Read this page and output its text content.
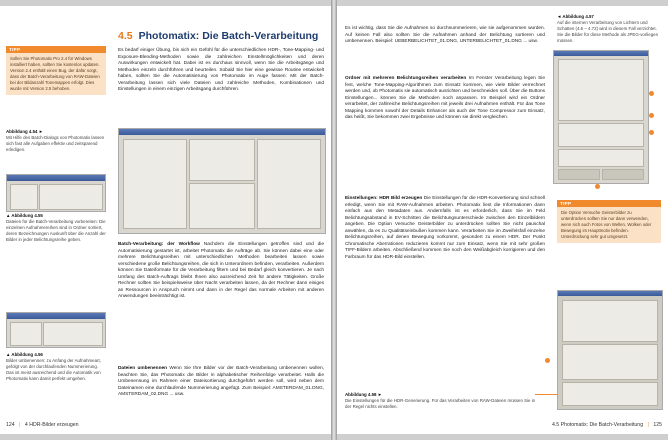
TIPP
Sollen Sie Photomatix Pro 2.4 für Windows installiert haben, sollten Sie kostenlos updaten. Version 2.4 enthält einen Bug, der dafür sorgt, dass der Batch-Verarbeitung von RAW-Dateien bei der Bildanzahl Tonemappen erfolgt. Dies wurde mit Version 2.5 behoben.
Abbildung 4.54 ►
Mit Hilfe des Batch-Dialogs von Photomatix lassen sich fast alle Aufgaben effektiv und zeitsparend erledigen.
▲ Abbildung 4.55
Dateien für die Batch-Verarbeitung vorbereiten: Die einzelnen Aufnahmereihen sind in Ordner sortiert, deren Bezeichnungen Auskunft über die Anzahl der Bilder in jeder Belichtungsreihe geben.
▲ Abbildung 4.56
Bilder umbenennen: zu Anfang der Aufnahmeart, gefolgt von der durchlaufenden Nummerierung. Das ist meist ausreichend und die Automatik von Photomatix kann damit perfekt umgehen.
4.5 Photomatix: Die Batch-Verarbeitung

Es bedarf einiger Übung, bis sich ein Gefühl für die unterschiedlichen HDR-, Tone-Mapping- und Exposure-Blending-Methoden sowie die zahlreichen Einstellmöglichkeiten und deren Auswirkungen entwickelt hat. Dabei ist es durchaus sinnvoll, wenn Sie die Arbeitsgänge und Methoden einzeln durchführen und beurteilen. Sobald Sie hier eine gewisse Routine entwickelt haben, sollten Sie die Automatisierung von Photomatix im Auge fassen: Mit der Batch-Verarbeitung lassen sich viele Dateien und zahlreiche Methoden, Kombinationen und Einstellungen in einem einzigen Arbeitsgang durchführen.

Batch-Verarbeitung: der Workflow Nachdem die Einstellungen getroffen sind und die Automatisierung gestartet ist, arbeitet Photomatix die Aufträge ab. Sie können dabei eine oder mehrere Belichtungsreihen mit unterschiedlichen Methoden bearbeiten lassen sowie verschiedene große Belichtungsreihen, die sich in Unterordnern befinden, verarbeiten. Außerdem können Sie Dateiformate für die Verarbeitung filtern und bei Bedarf gleich konvertieren. Je nach Umfang des Batch-Auftrags bleibt Ihnen also ausreichend Zeit für andere Tätigkeiten. Große Rechner sollten Sie beispielsweise über Nacht verarbeiten lassen, da der Rechner dann einiges an Ressourcen in Anspruch nimmt und dann in der Regel das normale Arbeiten mit anderen Anwendungen beeinträchtigt ist.

Dateien umbenennen Wenn Sie Ihre Bilder vor der Batch-Verarbeitung umbenennen wollen, beachten Sie, das Photomatix die Bilder in alphabetischer Reihenfolge verarbeitet. Halls die Umbenennung im Rahmen einer Dateisortierung durchgeführt werden soll, wird neben dem Dateinamen eine durchlaufende Nummerierung angefügt. Zum Beispiel: AMSTERDAM_01.DNG, AMSTERDAM_02.DNG ... usw.

124 | 4 HDR-Bilder erzeugen

Es ist wichtig, dass Sie die Aufnahmen so durchnummerieren, wie sie aufgenommen wurden. Auf keinen Fall also sollten Sie die Aufnahmen anhand der Belichtung sortieren und umbenennen. Beispiel: UEBERBELICHTET_01.DNG, UNTERBELICHTET_01.DNG ... usw.

Ordner mit mehreren Belichtungsreihen verarbeiten Im Fenster Verarbeitung legen Sie fest, welche Tone-Mapping-Algorithmen zum Einsatz kommen, wie viele Bilder verrechnet werden und, ob Photomatix sie automatisch ausrichten und beschneiden soll. Über die Buttons Einstellungen... können Sie die Methoden noch anpassen. Im Beispiel wird ein Ordner verarbeitet, der zahlreiche Belichtungsreihen mit jeweils drei Aufnahmen enthält. Für das Tone Mapping kommen sowohl der Details Enhancer als auch der Tone Compressor zum Einsatz, das heißt, Sie bekommen zwei Ergebnisse und können sie direkt vergleichen.

◄ Abbildung 4.57
Auf die internen Verarbeitung von Lichtern und Schatten (4.6 – 4.72) wird in diesem Fall verzichtet. Sie die Bilder für diese Methode als JPEG-vorliegen müssen.

Einstellungen: HDR Bild erzeugen Die Einstellungen für die HDR-Konvertierung sind schnell erledigt, wenn Sie mit RAW-Aufnahmen arbeiten. Photomatix liest die Informationen dann einfach aus den Metadaten aus. Andernfalls ist es erforderlich, dass Sie im Feld Belichtungsabstand in EV-Schritten die Belichtungsunterschiede zwischen den Einzelbildern angeben. Die Option Versuche Geisterbilder zu unterdrücken sollten Sie nicht pauschal anwählen, da es zu Qualitätseinbußen kommen kann. Verarbeiten Sie im Zweifelsfall einzelne Belichtungsreihen, auf denen Bewegung vorkommt, gesondert zu einem HDR. Der Punkt Chromatische Aberrationen reduzieren kommt nur zum Einsatz, wenn Sie mit sehr großen TIFF-Bildern arbeiten. Abschließend kommen Sie noch den Weißabgleich korrigieren und den Farbraum für das HDR-Bild einstellen.

TIPP
Die Option Versuche Geisterbilder zu unterdrücken sollten Sie nur dann verwenden, wenn sich auch Fotos von Wellen, Wolken oder Bewegung im Hauptmotiv befinden. Unterdrückung sehr gut umgesetzt.
Abbildung 4.58 ►
Die Einstellungen für die HDR-Generierung. Für das Verarbeiten von RAW-Dateien müssen Sie in der Regel nichts einstellen.
4.5 Photomatix: Die Batch-Verarbeitung | 125
